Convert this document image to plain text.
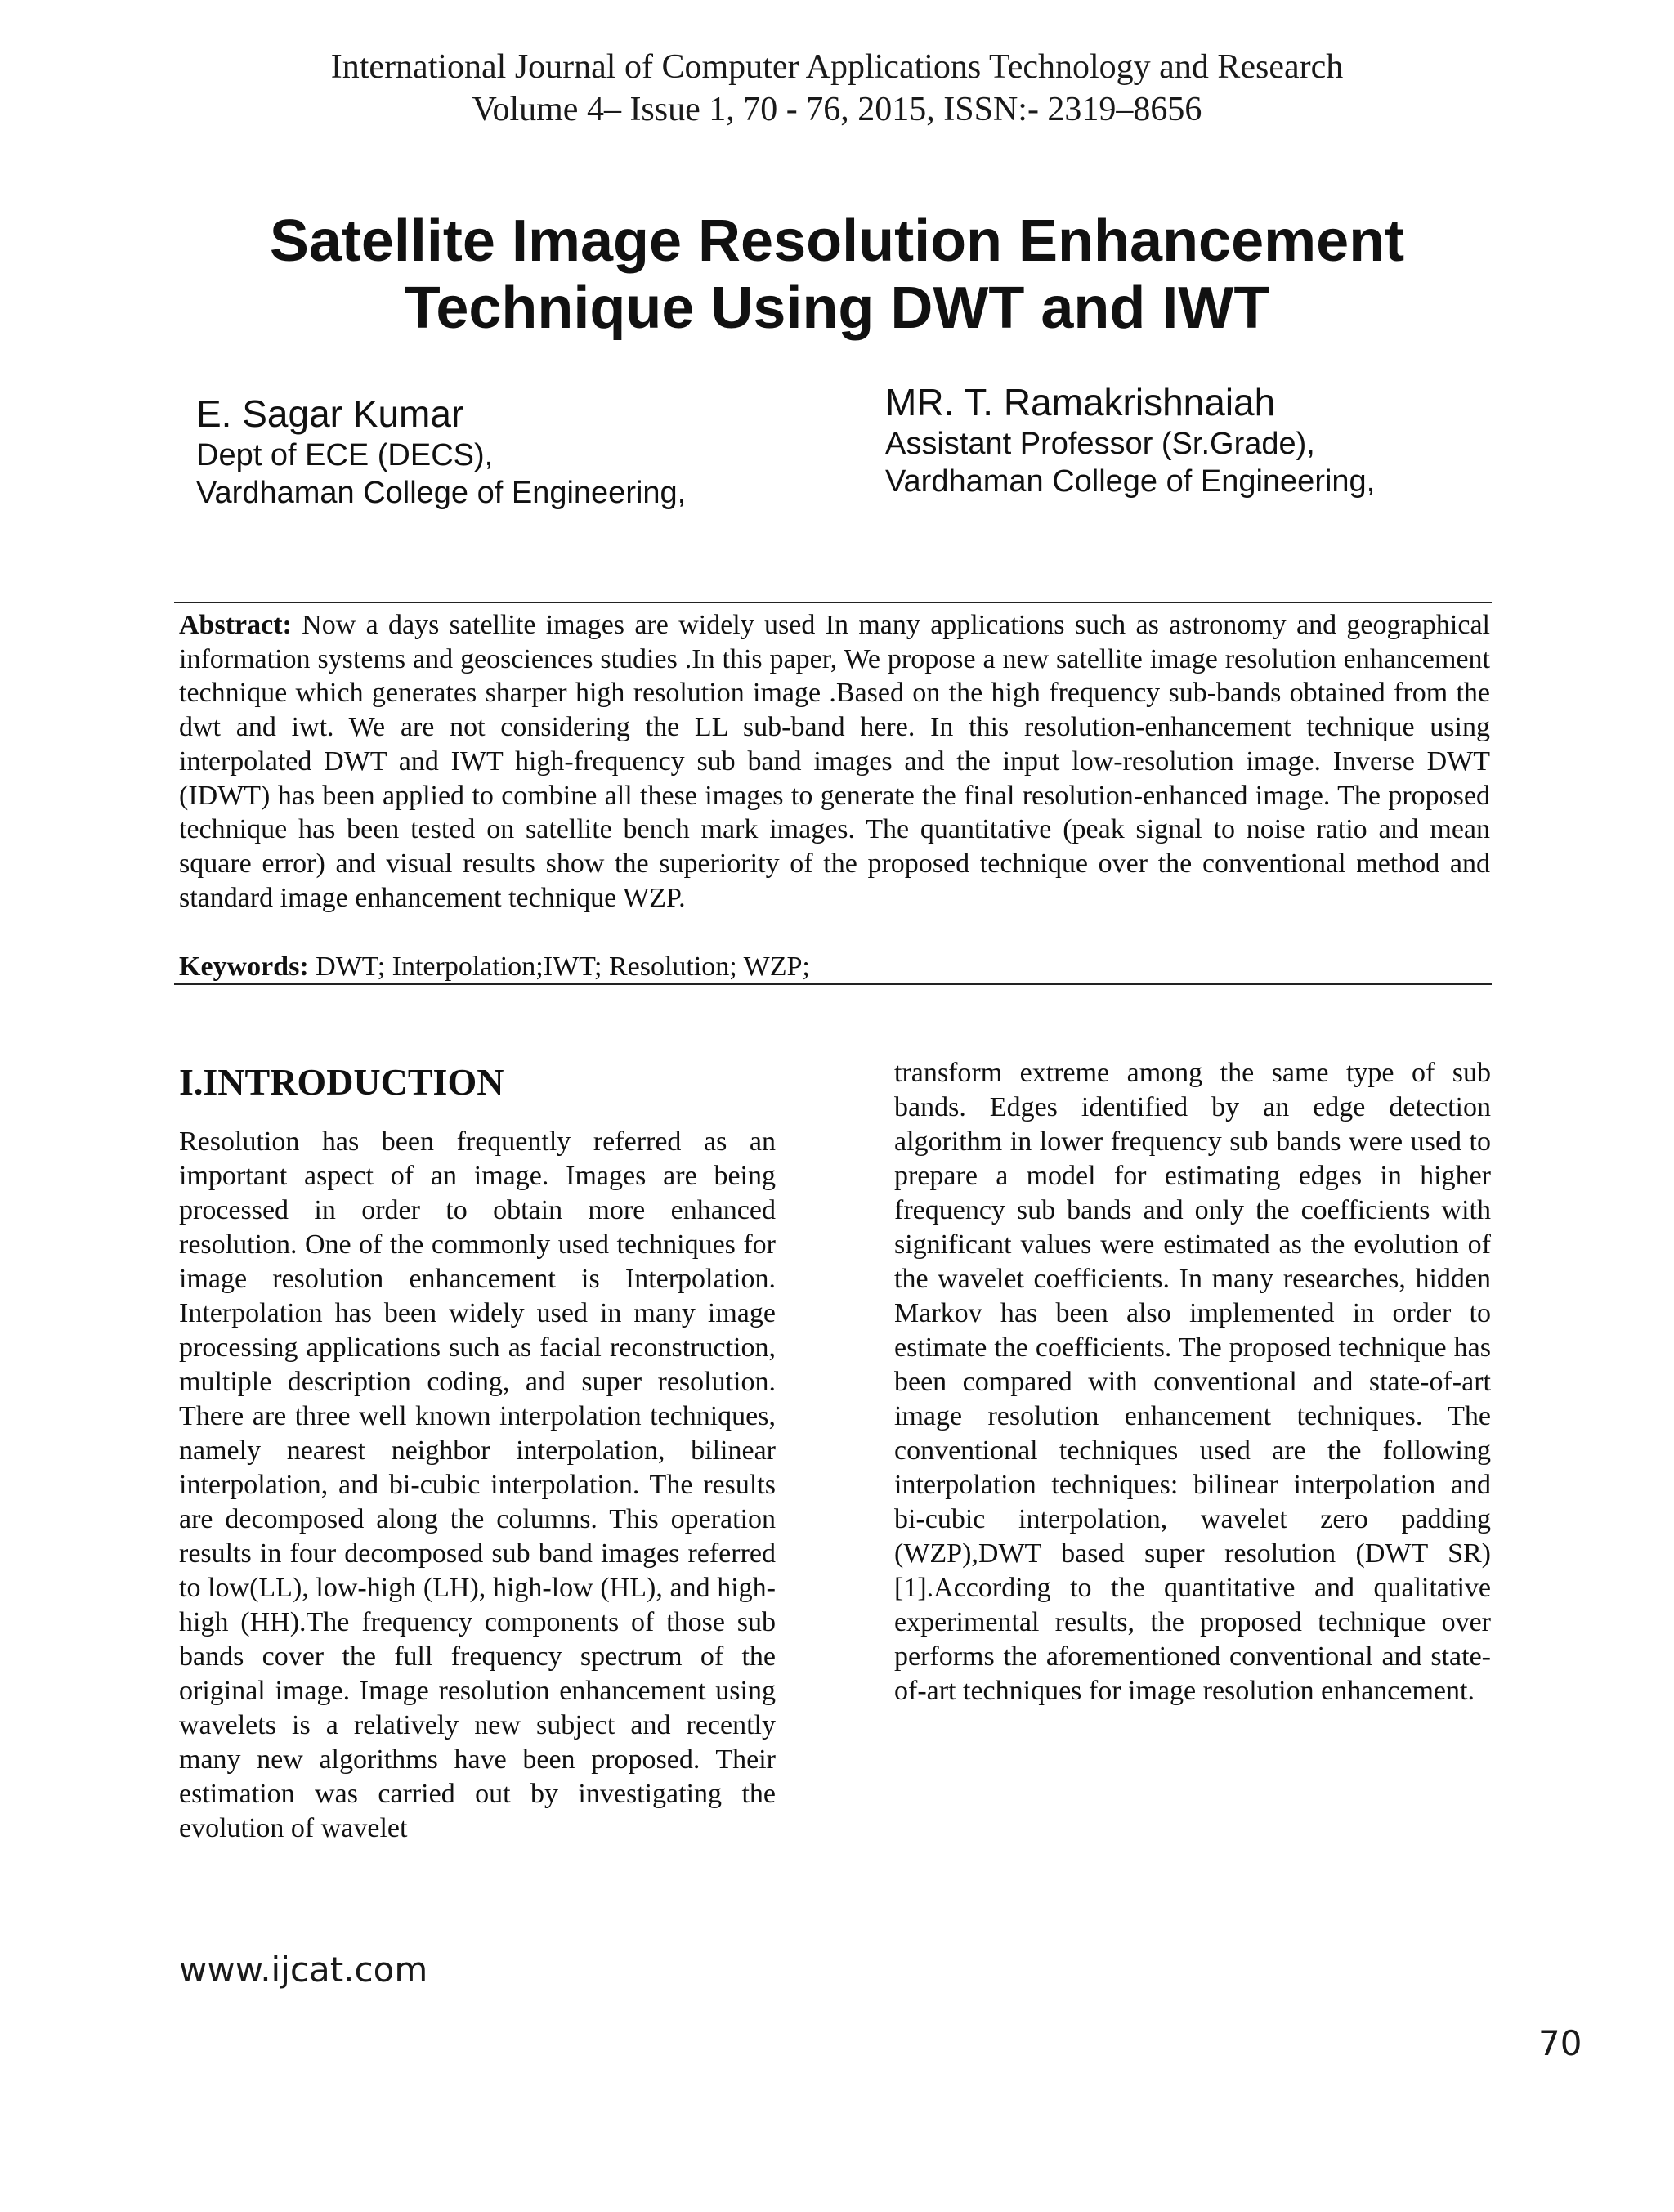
International Journal of Computer Applications Technology and Research
Volume 4– Issue 1, 70 - 76, 2015, ISSN:- 2319–8656
Satellite Image Resolution Enhancement
Technique Using DWT and IWT
E. Sagar Kumar
Dept of ECE (DECS),
Vardhaman College of Engineering,
MR. T. Ramakrishnaiah
Assistant Professor (Sr.Grade),
Vardhaman College of Engineering,
Abstract: Now a days satellite images are widely used In many applications such as astronomy and geographical information systems and geosciences studies .In this paper, We propose a new satellite image resolution enhancement technique which generates sharper high resolution image .Based on the high frequency sub-bands obtained from the dwt and iwt. We are not considering the LL sub-band here. In this resolution-enhancement technique using interpolated DWT and IWT high-frequency sub band images and the input low-resolution image. Inverse DWT (IDWT) has been applied to combine all these images to generate the final resolution-enhanced image. The proposed technique has been tested on satellite bench mark images. The quantitative (peak signal to noise ratio and mean square error) and visual results show the superiority of the proposed technique over the conventional method and standard image enhancement technique WZP.
Keywords: DWT; Interpolation;IWT; Resolution; WZP;
I.INTRODUCTION
Resolution has been frequently referred as an important aspect of an image. Images are being processed in order to obtain more enhanced resolution. One of the commonly used techniques for image resolution enhancement is Interpolation. Interpolation has been widely used in many image processing applications such as facial reconstruction, multiple description coding, and super resolution. There are three well known interpolation techniques, namely nearest neighbor interpolation, bilinear interpolation, and bi-cubic interpolation. The results are decomposed along the columns. This operation results in four decomposed sub band images referred to low(LL), low-high (LH), high-low (HL), and high-high (HH).The frequency components of those sub bands cover the full frequency spectrum of the original image. Image resolution enhancement using wavelets is a relatively new subject and recently many new algorithms have been proposed. Their estimation was carried out by investigating the evolution of wavelet
transform extreme among the same type of sub bands. Edges identified by an edge detection algorithm in lower frequency sub bands were used to prepare a model for estimating edges in higher frequency sub bands and only the coefficients with significant values were estimated as the evolution of the wavelet coefficients. In many researches, hidden Markov has been also implemented in order to estimate the coefficients. The proposed technique has been compared with conventional and state-of-art image resolution enhancement techniques. The conventional techniques used are the following interpolation techniques: bilinear interpolation and bi-cubic interpolation, wavelet zero padding (WZP),DWT based super resolution (DWT SR)[1].According to the quantitative and qualitative experimental results, the proposed technique over performs the aforementioned conventional and state-of-art techniques for image resolution enhancement.
www.ijcat.com
70
